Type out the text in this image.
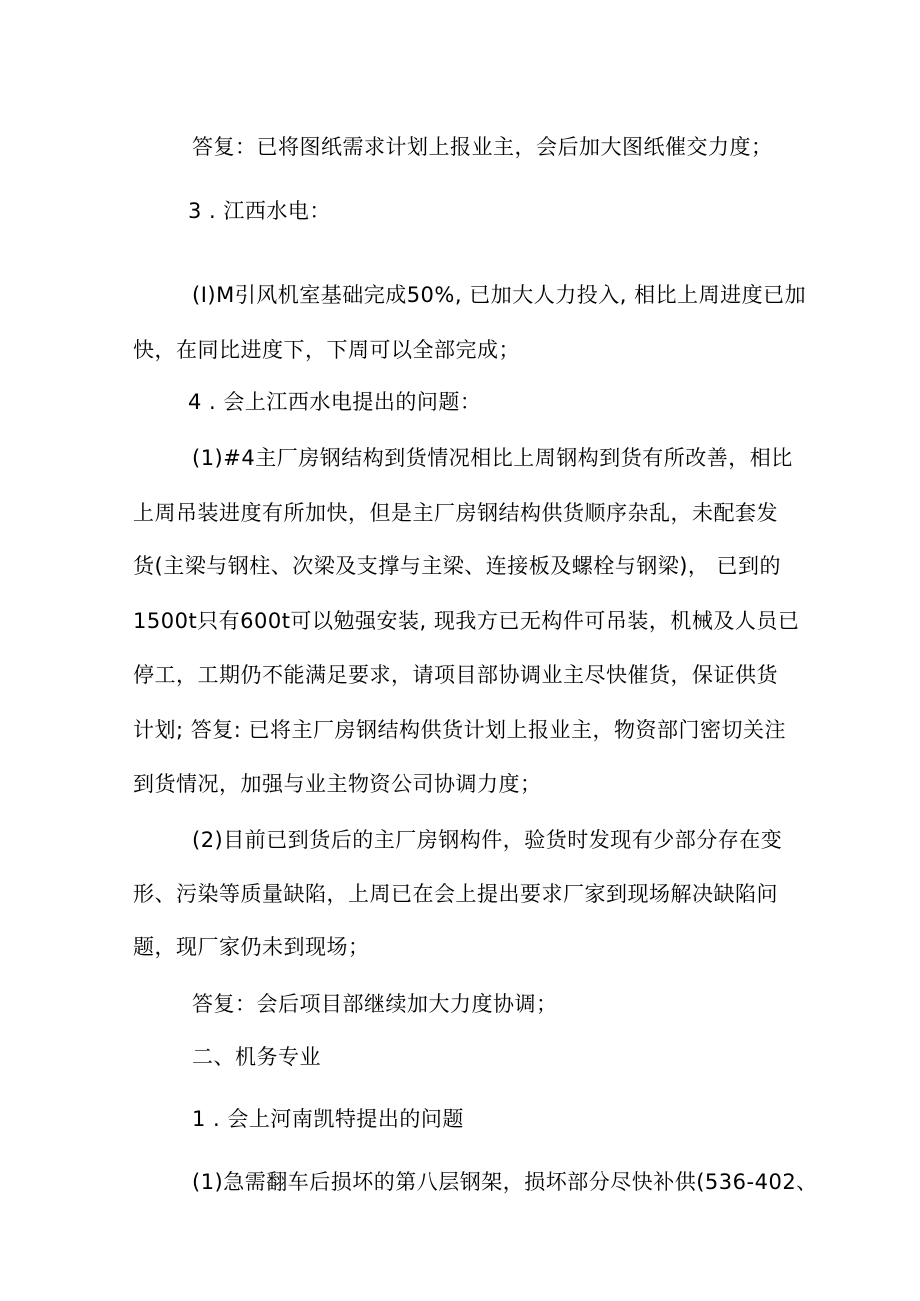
答复：已将图纸需求计划上报业主，会后加大图纸催交力度；
3 . 江西水电：
(I)M引风机室基础完成50%, 已加大人力投入, 相比上周进度已加
快，在同比进度下，下周可以全部完成；
4 . 会上江西水电提出的问题：
(1)#4主厂房钢结构到货情况相比上周钢构到货有所改善，相比
上周吊装进度有所加快，但是主厂房钢结构供货顺序杂乱，未配套发
货(主梁与钢柱、次梁及支撑与主梁、连接板及螺栓与钢梁)， 已到的
1500t只有600t可以勉强安装, 现我方已无构件可吊装，机械及人员已
停工，工期仍不能满足要求，请项目部协调业主尽快催货，保证供货
计划; 答复: 已将主厂房钢结构供货计划上报业主，物资部门密切关注
到货情况，加强与业主物资公司协调力度；
(2)目前已到货后的主厂房钢构件，验货时发现有少部分存在变
形、污染等质量缺陷，上周已在会上提出要求厂家到现场解决缺陷问
题，现厂家仍未到现场；
答复：会后项目部继续加大力度协调；
二、机务专业
1 . 会上河南凯特提出的问题
(1)急需翻车后损坏的第八层钢架，损坏部分尽快补供(536-402、
